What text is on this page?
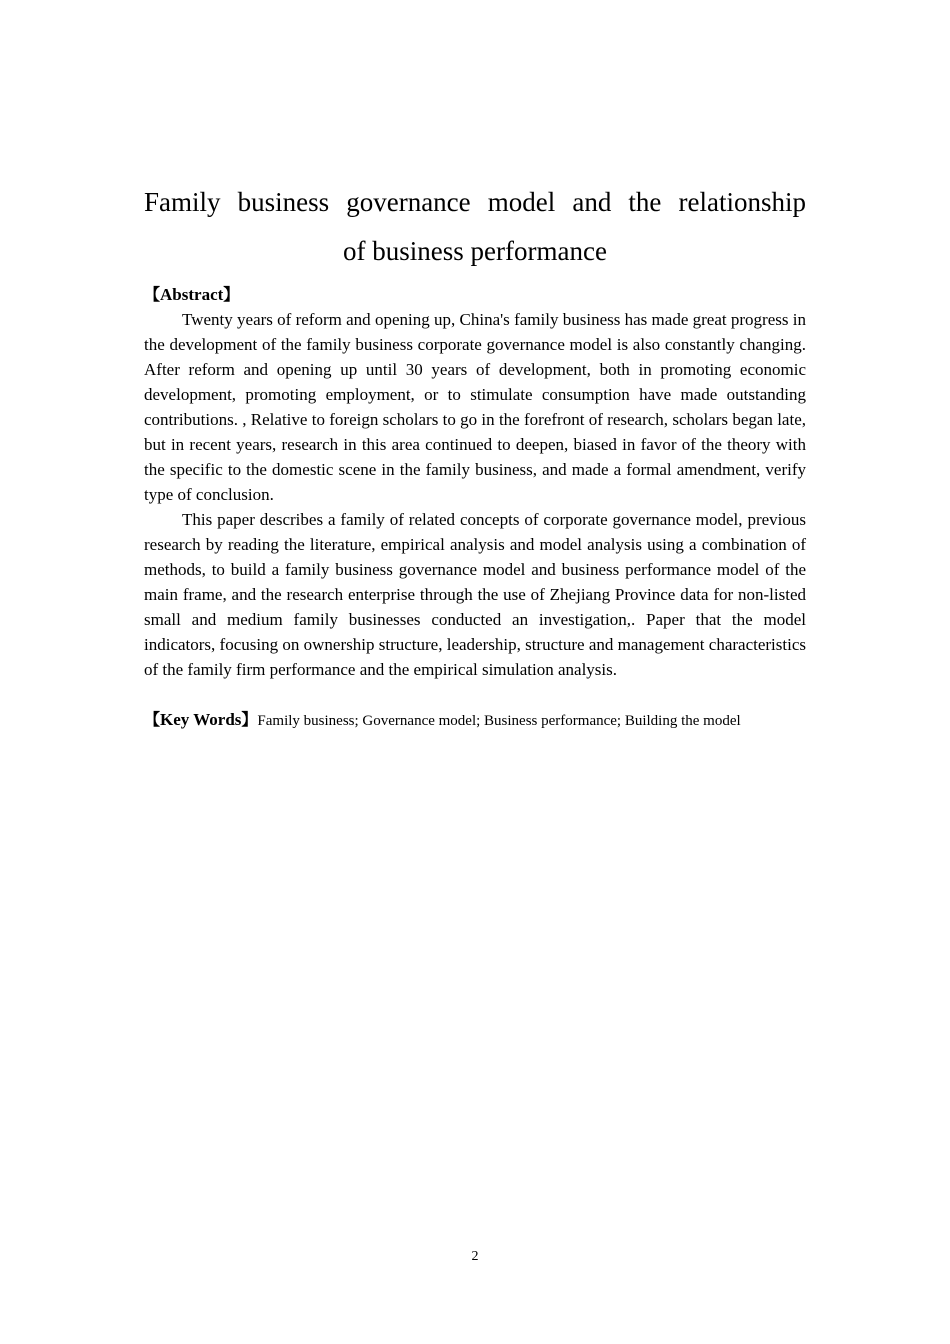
Family business governance model and the relationship
of business performance
【Abstract】

Twenty years of reform and opening up, China's family business has made great progress in the development of the family business corporate governance model is also constantly changing. After reform and opening up until 30 years of development, both in promoting economic development, promoting employment, or to stimulate consumption have made outstanding contributions. , Relative to foreign scholars to go in the forefront of research, scholars began late, but in recent years, research in this area continued to deepen, biased in favor of the theory with the specific to the domestic scene in the family business, and made a formal amendment, verify type of conclusion.

This paper describes a family of related concepts of corporate governance model, previous research by reading the literature, empirical analysis and model analysis using a combination of methods, to build a family business governance model and business performance model of the main frame, and the research enterprise through the use of Zhejiang Province data for non-listed small and medium family businesses conducted an investigation,. Paper that the model indicators, focusing on ownership structure, leadership, structure and management characteristics of the family firm performance and the empirical simulation analysis.

【Key Words】Family business; Governance model; Business performance; Building the model
2
